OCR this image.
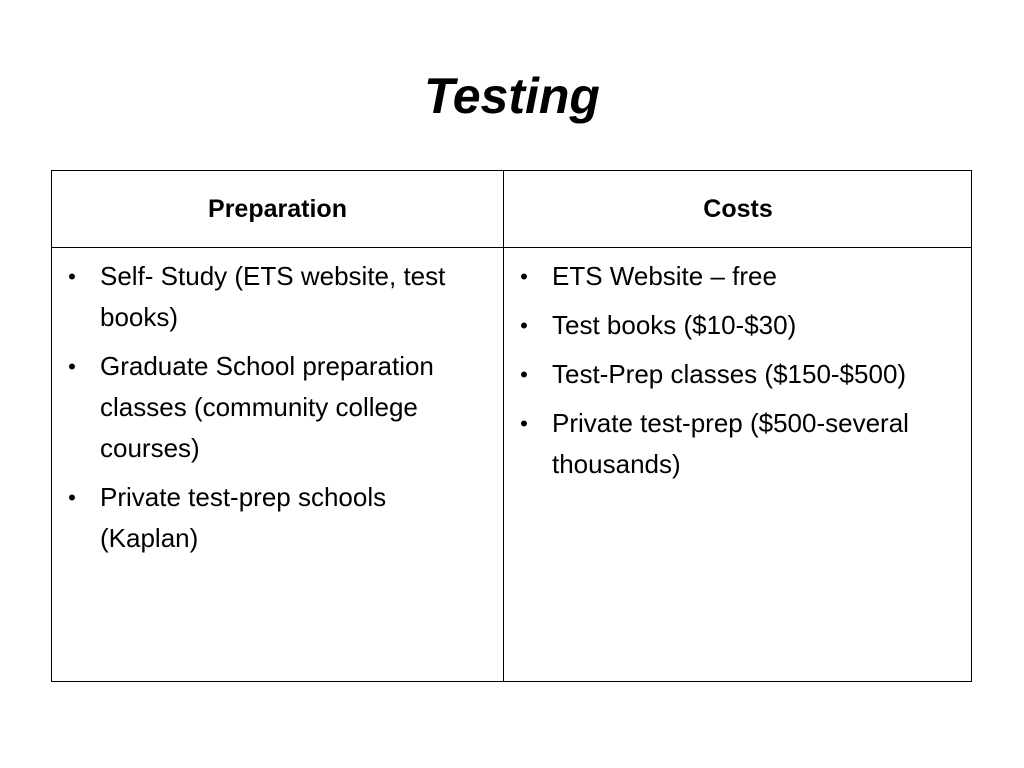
Testing
Preparation	Costs
• Self- Study (ETS website, test books)
• Graduate School preparation classes (community college courses)
• Private test-prep schools (Kaplan)
• ETS Website – free
• Test books ($10-$30)
• Test-Prep classes ($150-$500)
• Private test-prep ($500-several thousands)
